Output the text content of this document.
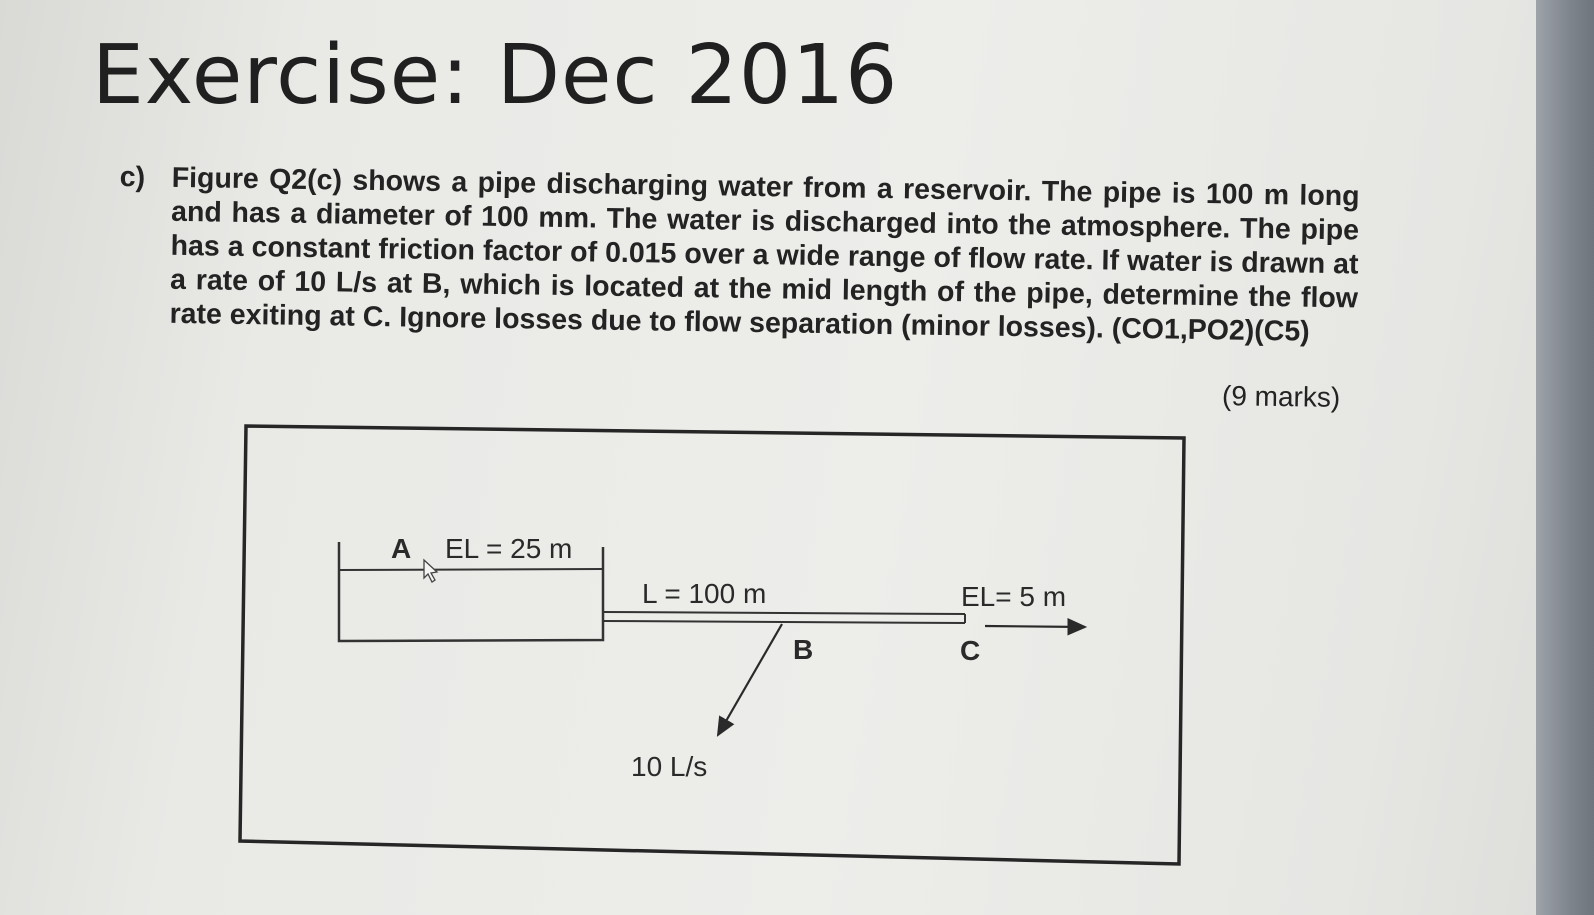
Exercise: Dec 2016
c) Figure Q2(c) shows a pipe discharging water from a reservoir. The pipe is 100 m long and has a diameter of 100 mm. The water is discharged into the atmosphere. The pipe has a constant friction factor of 0.015 over a wide range of flow rate. If water is drawn at a rate of 10 L/s at B, which is located at the mid length of the pipe, determine the flow rate exiting at C. Ignore losses due to flow separation (minor losses). (CO1,PO2)(C5)
(9 marks)
A EL = 25 m
L = 100 m
B
EL= 5 m
C
10 L/s
